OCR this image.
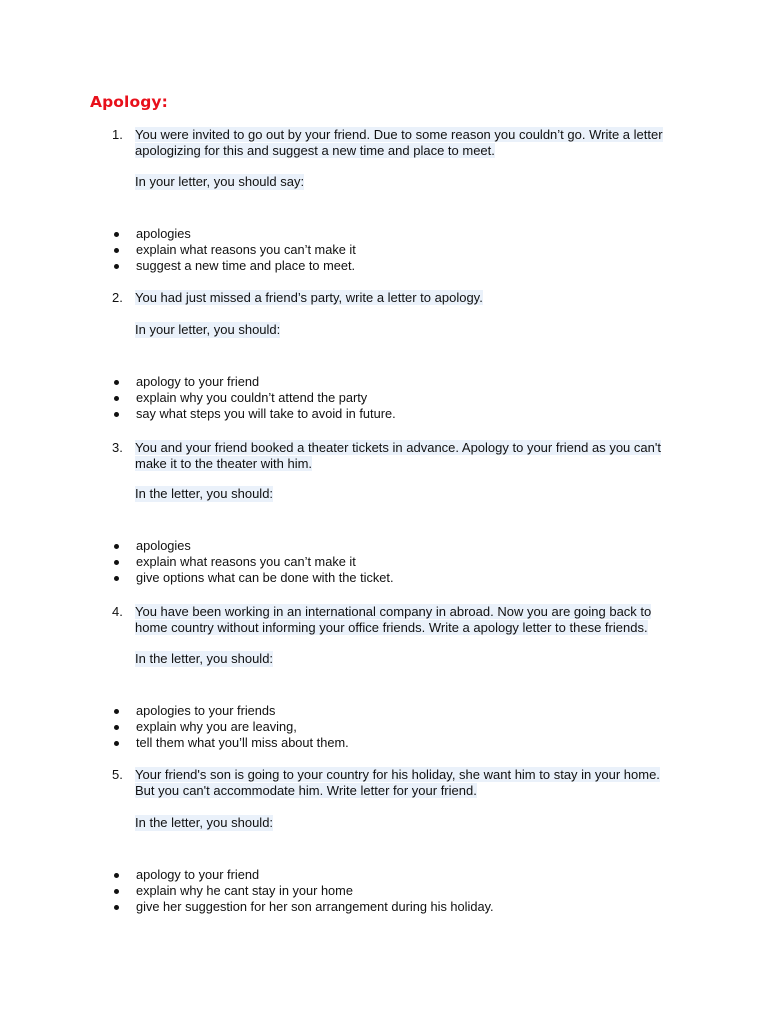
Apology:
1. You were invited to go out by your friend. Due to some reason you couldn’t go. Write a letter
apologizing for this and suggest a new time and place to meet.
In your letter, you should say:
apologies
explain what reasons you can’t make it
suggest a new time and place to meet.
2. You had just missed a friend’s party, write a letter to apology.
In your letter, you should:
apology to your friend
explain why you couldn’t attend the party
say what steps you will take to avoid in future.
3. You and your friend booked a theater tickets in advance. Apology to your friend as you can't
make it to the theater with him.
In the letter, you should:
apologies
explain what reasons you can’t make it
give options what can be done with the ticket.
4. You have been working in an international company in abroad. Now you are going back to
home country without informing your office friends. Write a apology letter to these friends.
In the letter, you should:
apologies to your friends
explain why you are leaving,
tell them what you’ll miss about them.
5. Your friend's son is going to your country for his holiday, she want him to stay in your home.
But you can't accommodate him. Write letter for your friend.
In the letter, you should:
apology to your friend
explain why he cant stay in your home
give her suggestion for her son arrangement during his holiday.
